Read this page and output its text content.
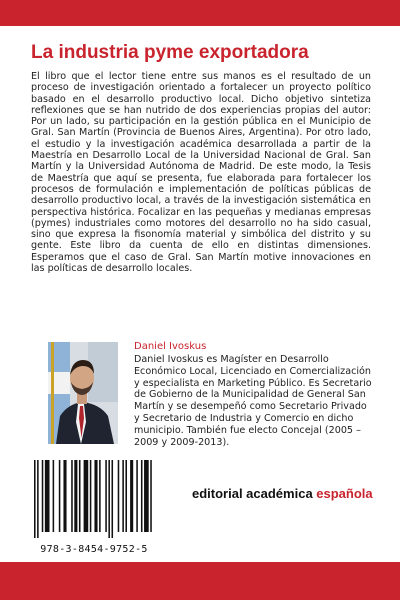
La industria pyme exportadora

El libro que el lector tiene entre sus manos es el resultado de un proceso de investigación orientado a fortalecer un proyecto político basado en el desarrollo productivo local. Dicho objetivo sintetiza reflexiones que se han nutrido de dos experiencias propias del autor: Por un lado, su participación en la gestión pública en el Municipio de Gral. San Martín (Provincia de Buenos Aires, Argentina). Por otro lado, el estudio y la investigación académica desarrollada a partir de la Maestría en Desarrollo Local de la Universidad Nacional de Gral. San Martín y la Universidad Autónoma de Madrid. De este modo, la Tesis de Maestría que aquí se presenta, fue elaborada para fortalecer los procesos de formulación e implementación de políticas públicas de desarrollo productivo local, a través de la investigación sistemática en perspectiva histórica. Focalizar en las pequeñas y medianas empresas (pymes) industriales como motores del desarrollo no ha sido casual, sino que expresa la fisonomía material y simbólica del distrito y su gente. Este libro da cuenta de ello en distintas dimensiones. Esperamos que el caso de Gral. San Martín motive innovaciones en las políticas de desarrollo locales.

Daniel Ivoskus

Daniel Ivoskus es Magíster en Desarrollo Económico Local, Licenciado en Comercialización y especialista en Marketing Público. Es Secretario de Gobierno de la Municipalidad de General San Martín y se desempeñó como Secretario Privado y Secretario de Industria y Comercio en dicho municipio. También fue electo Concejal (2005 – 2009 y 2009-2013).

978-3-8454-9752-5
editorial académica española
